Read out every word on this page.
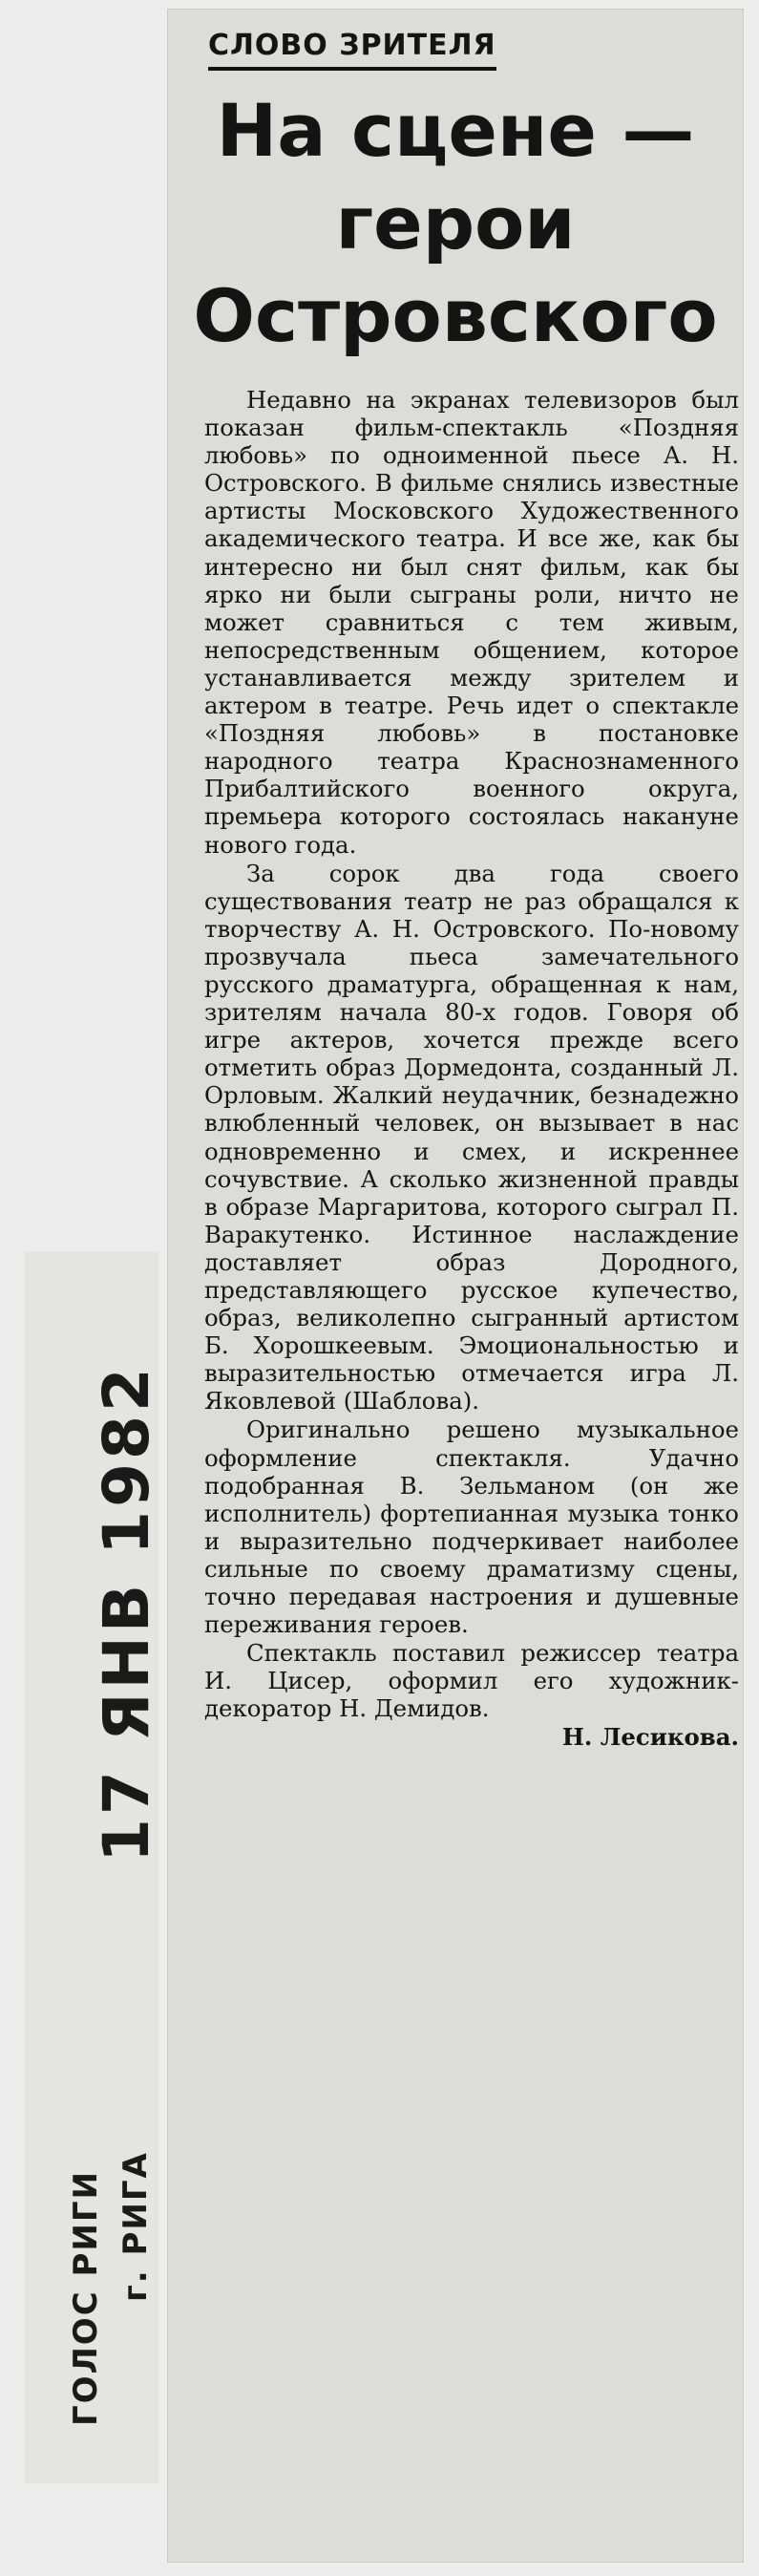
СЛОВО ЗРИТЕЛЯ
На сцене —
герои
Островского

Недавно на экранах телевизоров был показан фильм-спектакль «Поздняя любовь» по одноименной пьесе А. Н. Островского. В фильме снялись известные артисты Московского Художественного академического театра. И все же, как бы интересно ни был снят фильм, как бы ярко ни были сыграны роли, ничто не может сравниться с тем живым, непосредственным общением, которое устанавливается между зрителем и актером в театре. Речь идет о спектакле «Поздняя любовь» в постановке народного театра Краснознаменного Прибалтийского военного округа, премьера которого состоялась накануне нового года.

За сорок два года своего существования театр не раз обращался к творчеству А. Н. Островского. По-новому прозвучала пьеса замечательного русского драматурга, обращенная к нам, зрителям начала 80-х годов. Говоря об игре актеров, хочется прежде всего отметить образ Дормедонта, созданный Л. Орловым. Жалкий неудачник, безнадежно влюбленный человек, он вызывает в нас одновременно и смех, и искреннее сочувствие. А сколько жизненной правды в образе Маргаритова, которого сыграл П. Варакутенко. Истинное наслаждение доставляет образ Дородного, представляющего русское купечество, образ, великолепно сыгранный артистом Б. Хорошкеевым. Эмоциональностью и выразительностью отмечается игра Л. Яковлевой (Шаблова).

Оригинально решено музыкальное оформление спектакля. Удачно подобранная В. Зельманом (он же исполнитель) фортепианная музыка тонко и выразительно подчеркивает наиболее сильные по своему драматизму сцены, точно передавая настроения и душевные переживания героев.

Спектакль поставил режиссер театра И. Цисер, оформил его художник-декоратор Н. Демидов.

Н. Лесикова.

17 ЯНВ 1982
ГОЛОС РИГИ г. РИГА
